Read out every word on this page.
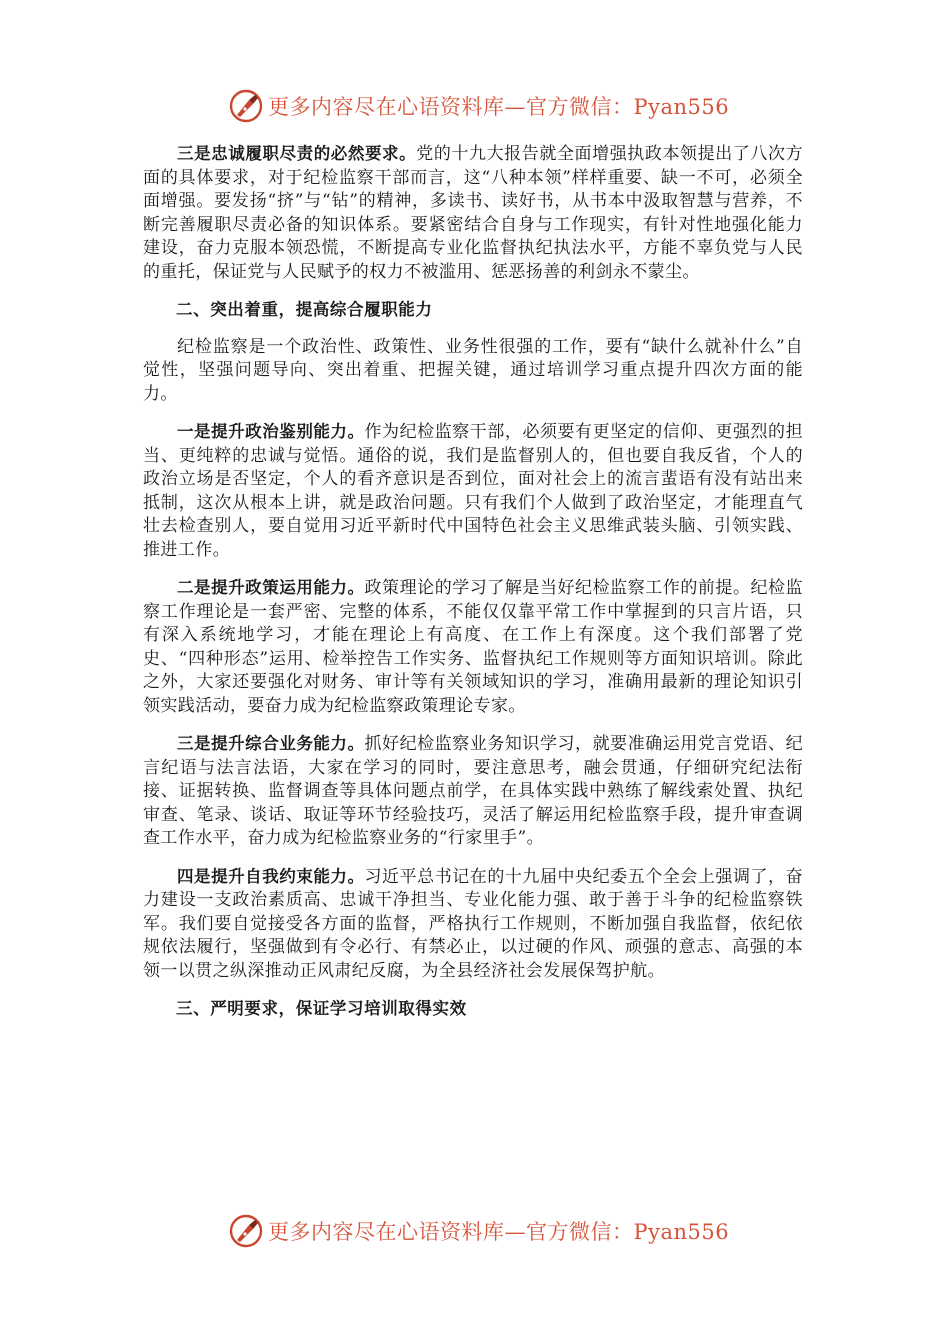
更多内容尽在心语资料库—官方微信：Pyan556

三是忠诚履职尽责的必然要求。党的十九大报告就全面增强执政本领提出了八次方面的具体要求，对于纪检监察干部而言，这“八种本领”样样重要、缺一不可，必须全面增强。要发扬“挤”与“钻”的精神，多读书、读好书，从书本中汲取智慧与营养，不断完善履职尽责必备的知识体系。要紧密结合自身与工作现实，有针对性地强化能力建设，奋力克服本领恐慌，不断提高专业化监督执纪执法水平，方能不辜负党与人民的重托，保证党与人民赋予的权力不被滥用、惩恶扬善的利剑永不蒙尘。

二、突出着重，提高综合履职能力

纪检监察是一个政治性、政策性、业务性很强的工作，要有“缺什么就补什么”自觉性，坚强问题导向、突出着重、把握关键，通过培训学习重点提升四次方面的能力。

一是提升政治鉴别能力。作为纪检监察干部，必须要有更坚定的信仰、更强烈的担当、更纯粹的忠诚与觉悟。通俗的说，我们是监督别人的，但也要自我反省，个人的政治立场是否坚定，个人的看齐意识是否到位，面对社会上的流言蜚语有没有站出来抵制，这次从根本上讲，就是政治问题。只有我们个人做到了政治坚定，才能理直气壮去检查别人，要自觉用习近平新时代中国特色社会主义思维武装头脑、引领实践、推进工作。

二是提升政策运用能力。政策理论的学习了解是当好纪检监察工作的前提。纪检监察工作理论是一套严密、完整的体系，不能仅仅靠平常工作中掌握到的只言片语，只有深入系统地学习，才能在理论上有高度、在工作上有深度。这个我们部署了党史、“四种形态”运用、检举控告工作实务、监督执纪工作规则等方面知识培训。除此之外，大家还要强化对财务、审计等有关领域知识的学习，准确用最新的理论知识引领实践活动，要奋力成为纪检监察政策理论专家。

三是提升综合业务能力。抓好纪检监察业务知识学习，就要准确运用党言党语、纪言纪语与法言法语，大家在学习的同时，要注意思考，融会贯通，仔细研究纪法衔接、证据转换、监督调查等具体问题点前学，在具体实践中熟练了解线索处置、执纪审查、笔录、谈话、取证等环节经验技巧，灵活了解运用纪检监察手段，提升审查调查工作水平，奋力成为纪检监察业务的“行家里手”。

四是提升自我约束能力。习近平总书记在的十九届中央纪委五个全会上强调了，奋力建设一支政治素质高、忠诚干净担当、专业化能力强、敢于善于斗争的纪检监察铁军。我们要自觉接受各方面的监督，严格执行工作规则，不断加强自我监督，依纪依规依法履行，坚强做到有令必行、有禁必止，以过硬的作风、顽强的意志、高强的本领一以贯之纵深推动正风肃纪反腐，为全县经济社会发展保驾护航。

三、严明要求，保证学习培训取得实效

更多内容尽在心语资料库—官方微信：Pyan556
